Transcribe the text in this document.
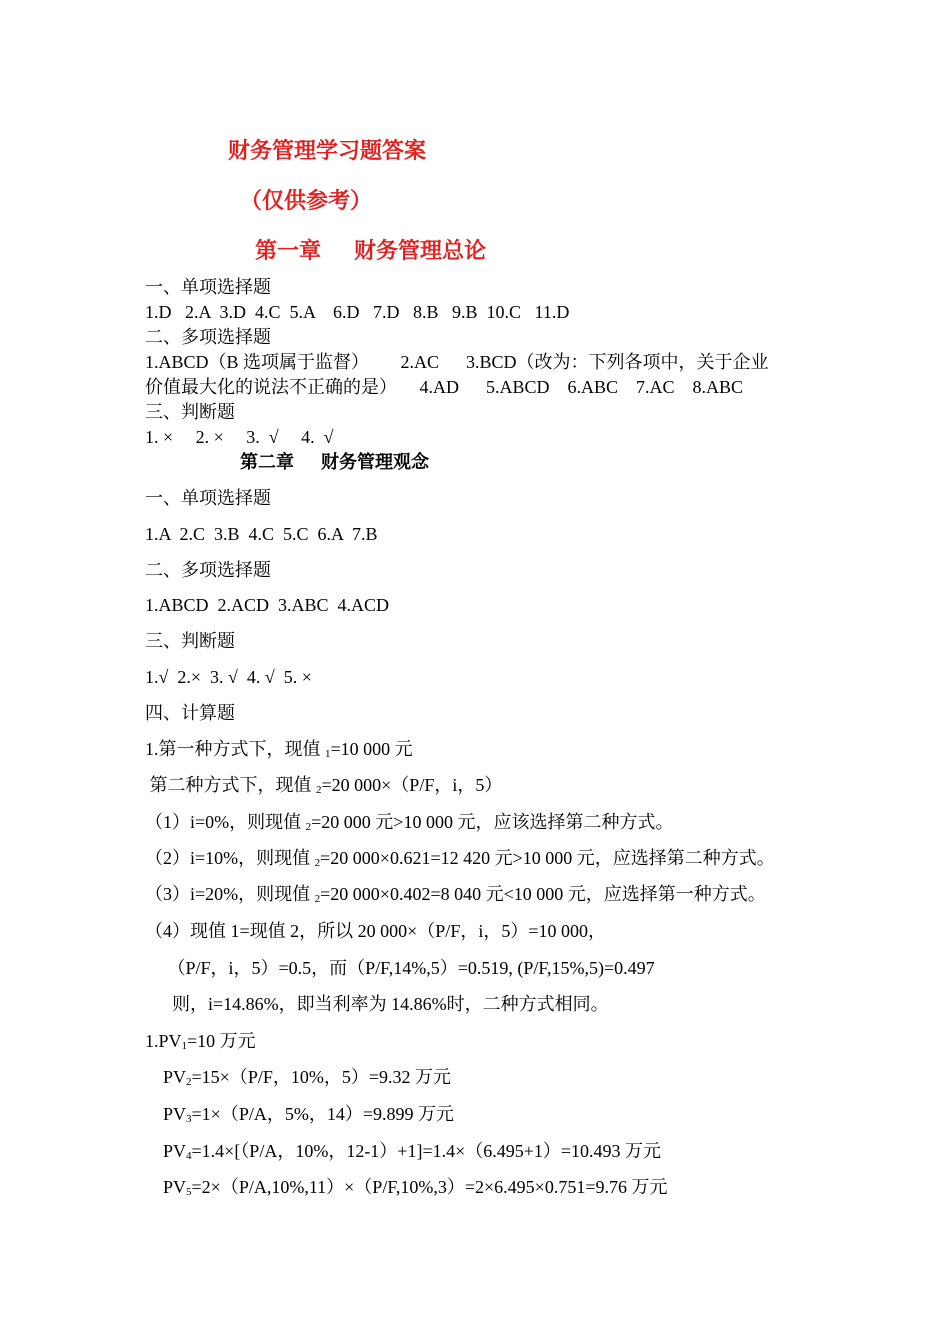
财务管理学习题答案
（仅供参考）
第一章      财务管理总论
一、单项选择题
1.D   2.A  3.D  4.C  5.A    6.D   7.D   8.B   9.B  10.C   11.D
二、多项选择题
1.ABCD（B 选项属于监督）       2.AC      3.BCD（改为：下列各项中，关于企业
价值最大化的说法不正确的是）     4.AD      5.ABCD    6.ABC    7.AC    8.ABC
三、判断题
1. ×     2. ×     3.  √     4.  √
第二章      财务管理观念
一、单项选择题
1.A  2.C  3.B  4.C  5.C  6.A  7.B
二、多项选择题
1.ABCD  2.ACD  3.ABC  4.ACD
三、判断题
1.√  2.×  3. √  4. √  5. ×
四、计算题
1.第一种方式下，现值 $_1$=10 000 元
第二种方式下，现值 $_2$=20 000×（P/F，i，5）
（1）i=0%，则现值 $_2$=20 000 元>10 000 元，应该选择第二种方式。
（2）i=10%，则现值 $_2$=20 000×0.621=12 420 元>10 000 元，应选择第二种方式。
（3）i=20%，则现值 $_2$=20 000×0.402=8 040 元<10 000 元，应选择第一种方式。
（4）现值 1=现值 2，所以 20 000×（P/F，i，5）=10 000，
（P/F，i，5）=0.5，而（P/F,14%,5）=0.519, (P/F,15%,5)=0.497
则，i=14.86%，即当利率为 14.86%时，二种方式相同。
$1.PV_1=10$ 万元
$PV_2=15\times(P/F$，10%，5）=9.32 万元
$PV_3=1\times(P/A$，5%，14）=9.899 万元
$PV_4=1.4\times[(P/A$，10%，12-1）+1]=1.4×（6.495+1）=10.493 万元
$PV_5=2\times(P/A,10\%,11)\times(P/F,10\%,3)=2\times 6.495\times 0.751=9.76$ 万元
